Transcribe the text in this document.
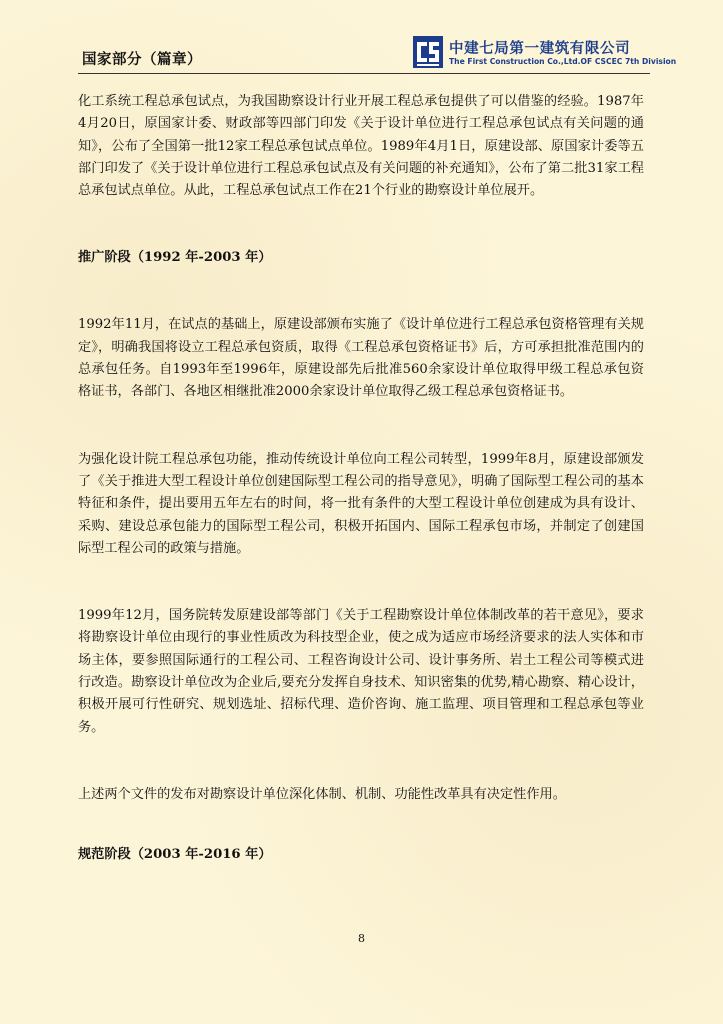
国家部分（篇章）
中建七局第一建筑有限公司
The First Construction Co.,Ltd.OF CSCEC 7th Division

化工系统工程总承包试点，为我国勘察设计行业开展工程总承包提供了可以借鉴的经验。1987年4月20日，原国家计委、财政部等四部门印发《关于设计单位进行工程总承包试点有关问题的通知》，公布了全国第一批12家工程总承包试点单位。1989年4月1日，原建设部、原国家计委等五部门印发了《关于设计单位进行工程总承包试点及有关问题的补充通知》，公布了第二批31家工程总承包试点单位。从此，工程总承包试点工作在21个行业的勘察设计单位展开。

推广阶段（1992 年-2003 年）

1992年11月，在试点的基础上，原建设部颁布实施了《设计单位进行工程总承包资格管理有关规定》，明确我国将设立工程总承包资质，取得《工程总承包资格证书》后，方可承担批准范围内的总承包任务。自1993年至1996年，原建设部先后批准560余家设计单位取得甲级工程总承包资格证书，各部门、各地区相继批准2000余家设计单位取得乙级工程总承包资格证书。

为强化设计院工程总承包功能，推动传统设计单位向工程公司转型，1999年8月，原建设部颁发了《关于推进大型工程设计单位创建国际型工程公司的指导意见》，明确了国际型工程公司的基本特征和条件，提出要用五年左右的时间，将一批有条件的大型工程设计单位创建成为具有设计、采购、建设总承包能力的国际型工程公司，积极开拓国内、国际工程承包市场，并制定了创建国际型工程公司的政策与措施。

1999年12月，国务院转发原建设部等部门《关于工程勘察设计单位体制改革的若干意见》，要求将勘察设计单位由现行的事业性质改为科技型企业，使之成为适应市场经济要求的法人实体和市场主体，要参照国际通行的工程公司、工程咨询设计公司、设计事务所、岩土工程公司等模式进行改造。勘察设计单位改为企业后,要充分发挥自身技术、知识密集的优势,精心勘察、精心设计，积极开展可行性研究、规划选址、招标代理、造价咨询、施工监理、项目管理和工程总承包等业务。

上述两个文件的发布对勘察设计单位深化体制、机制、功能性改革具有决定性作用。

规范阶段（2003 年-2016 年）
8
